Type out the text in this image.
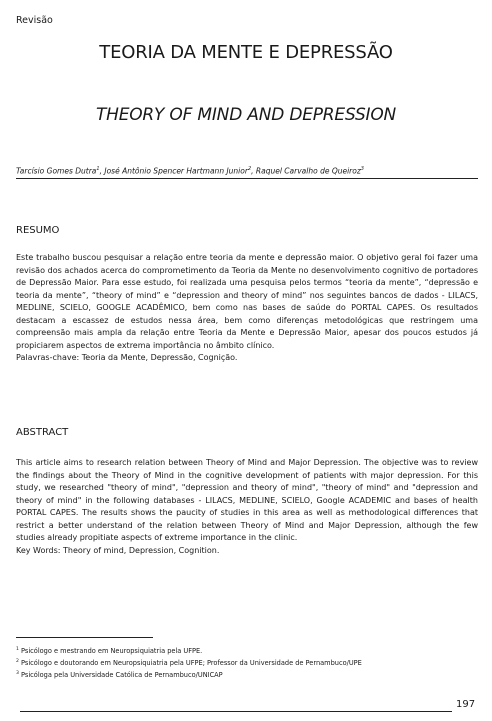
Revisão
TEORIA DA MENTE E DEPRESSÃO
THEORY OF MIND AND DEPRESSION
Tarcísio Gomes Dutra$^1$, José Antônio Spencer Hartmann Junior$^2$, Raquel Carvalho de Queiroz$^3$
RESUMO
Este trabalho buscou pesquisar a relação entre teoria da mente e depressão maior. O objetivo geral foi fazer uma revisão dos achados acerca do comprometimento da Teoria da Mente no desenvolvimento cognitivo de portadores de Depressão Maior. Para esse estudo, foi realizada uma pesquisa pelos termos “teoria da mente”, “depressão e teoria da mente”, “theory of mind” e “depression and theory of mind” nos seguintes bancos de dados - LILACS, MEDLINE, SCIELO, GOOGLE ACADÊMICO, bem como nas bases de saúde do PORTAL CAPES. Os resultados destacam a escassez de estudos nessa área, bem como diferenças metodológicas que restringem uma compreensão mais ampla da relação entre Teoria da Mente e Depressão Maior, apesar dos poucos estudos já propiciarem aspectos de extrema importância no âmbito clínico.
Palavras-chave: Teoria da Mente, Depressão, Cognição.
ABSTRACT
This article aims to research relation between Theory of Mind and Major Depression. The objective was to review the findings about the Theory of Mind in the cognitive development of patients with major depression. For this study, we researched "theory of mind", "depression and theory of mind", "theory of mind" and "depression and theory of mind" in the following databases - LILACS, MEDLINE, SCIELO, Google ACADEMIC and bases of health PORTAL CAPES. The results shows the paucity of studies in this area as well as methodological differences that restrict a better understand of the relation between Theory of Mind and Major Depression, although the few studies already propitiate aspects of extreme importance in the clinic.
Key Words: Theory of mind, Depression, Cognition.
$^1$ Psicólogo e mestrando em Neuropsiquiatria pela UFPE.
$^2$ Psicólogo e doutorando em Neuropsiquiatria pela UFPE; Professor da Universidade de Pernambuco/UPE
$^3$ Psicóloga pela Universidade Católica de Pernambuco/UNICAP
197
